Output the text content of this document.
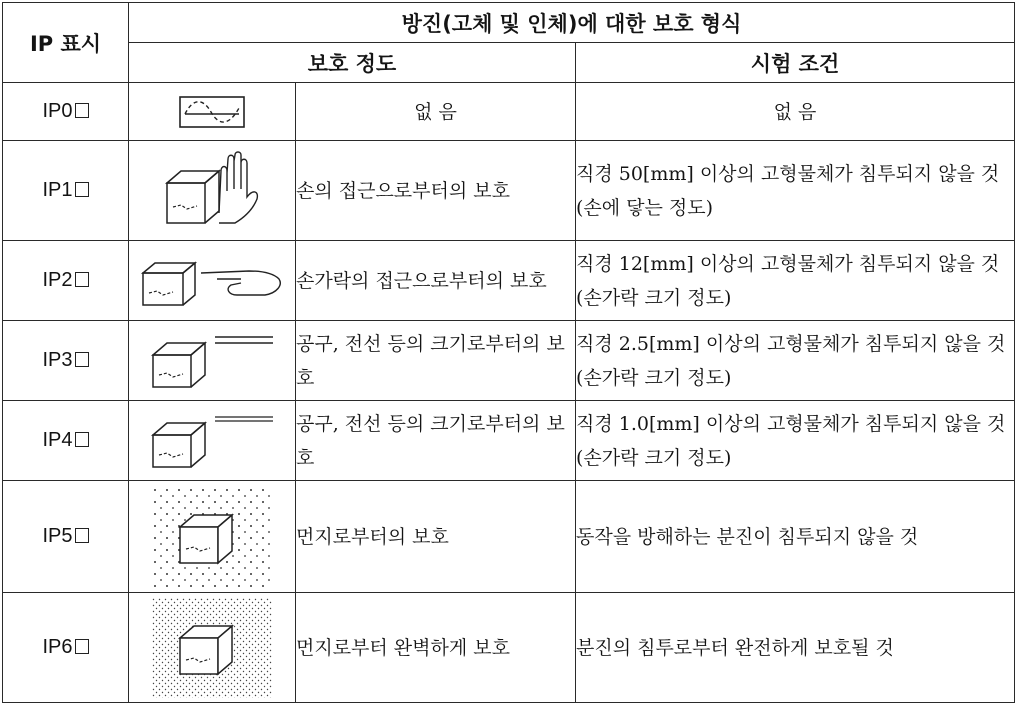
IP 표시	방진(고체 및 인체)에 대한 보호 형식		
	보호 정도		시험 조건
IP0		없 음	없 음
IP1		손의 접근으로부터의 보호	직경 50[mm] 이상의 고형물체가 침투되지 않을 것(손에 닿는 정도)
IP2		손가락의 접근으로부터의 보호	직경 12[mm] 이상의 고형물체가 침투되지 않을 것(손가락 크기 정도)
IP3		공구, 전선 등의 크기로부터의 보호	직경 2.5[mm] 이상의 고형물체가 침투되지 않을 것(손가락 크기 정도)
IP4		공구, 전선 등의 크기로부터의 보호	직경 1.0[mm] 이상의 고형물체가 침투되지 않을 것(손가락 크기 정도)
IP5		먼지로부터의 보호	동작을 방해하는 분진이 침투되지 않을 것
IP6		먼지로부터 완벽하게 보호	분진의 침투로부터 완전하게 보호될 것
